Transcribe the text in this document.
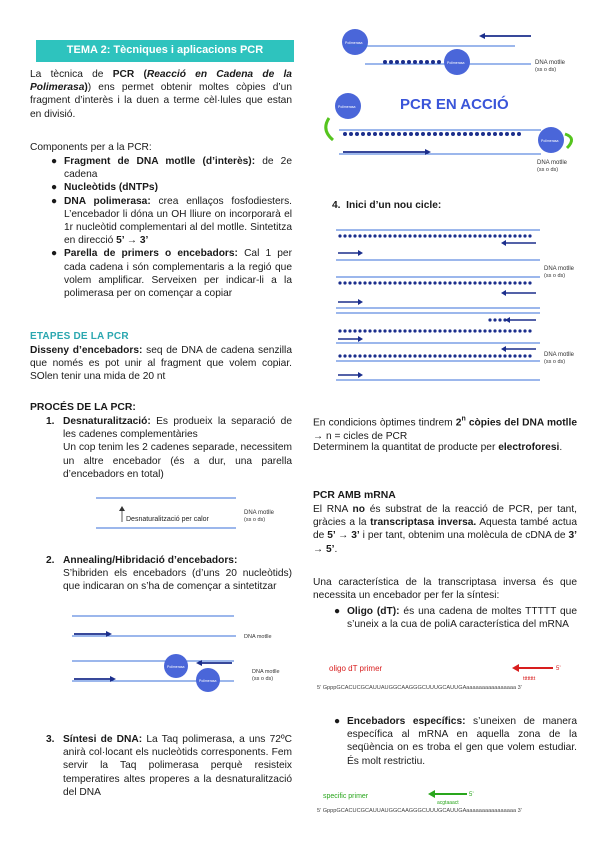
TEMA 2: Tècniques i aplicacions PCR
La tècnica de PCR (Reacció en Cadena de la Polimerasa)) ens permet obtenir moltes còpies d’un fragment d’interès i la duen a terme cèl·lules que estan en divisió.
Components per a la PCR:
● Fragment de DNA motlle (d’interès): de 2e cadena
● Nucleòtids (dNTPs)
● DNA polimerasa: crea enllaços fosfodiesters. L’encebador li dóna un OH lliure on incorporarà el 1r nucleòtid complementari al del motlle. Sintetitza en direcció 5’ → 3’
● Parella de primers o encebadors: Cal 1 per cada cadena i són complementaris a la regió que volem amplificar. Serveixen per indicar-li a la polimerasa per on començar a copiar
ETAPES DE LA PCR
Disseny d’encebadors: seq de DNA de cadena senzilla que només es pot unir al fragment que volem copiar. SOlen tenir una mida de 20 nt
PROCÉS DE LA PCR:
1. Desnaturalització: Es produeix la separació de les cadenes complementàries
Un cop tenim les 2 cadenes separade, necessitem un altre encebador (és a dur, una parella d’encebadors en total)
Desnaturalització per calor
DNA motlle
(ss o ds)
2. Annealing/Hibridació d’encebadors:
S’hibriden els encebadors (d’uns 20 nucleòtids) que indicaran on s’ha de començar a sintetitzar
DNA motlle
Polimerasa
Polimerasa
DNA motlle
(ss o ds)
3. Síntesi de DNA: La Taq polimerasa, a uns 72ºC anirà col·locant els nucleòtids corresponents. Fem servir la Taq polimerasa perquè resisteix temperatires altes properes a la desnaturalització del DNA
Polimerasa
Polimerasa	DNA motlle
(ss o ds)
PCR EN ACCIÓ
Polimerasa
Polimerasa
DNA motlle
(ss o ds)
4. Inici d’un nou cicle:
DNA motlle
(ss o ds)
DNA motlle
(ss o ds)
En condicions òptimes tindrem 2$^n$ còpies del DNA motlle → n = cicles de PCR
Determinem la quantitat de producte per electroforesi.
PCR AMB mRNA
El RNA no és substrat de la reacció de PCR, per tant, gràcies a la transcriptasa inversa. Aquesta també actua de 5’ → 3’ i per tant, obtenim una molècula de cDNA de 3’ → 5’.
Una característica de la transcriptasa inversa és que necessita un encebador per fer la síntesi:
● Oligo (dT): és una cadena de moltes TTTTT que s’uneix a la cua de poliA característica del mRNA
oligo dT primer	5’
tttttttt
5’ GpppGCACUCGCAUUAUGGCAAGGGCUUUGCAUUGAaaaaaaaaaaaaaaaa 3’
● Encebadors específics: s’uneixen de manera específica al mRNA en aquella zona de la seqüència on es troba el gen que volem estudiar. És molt restrictiu.
specific primer	5’
acgtaaact
5’ GpppGCACUCGCAUUAUGGCAAGGGCUUUGCAUUGAaaaaaaaaaaaaaaaa 3’
